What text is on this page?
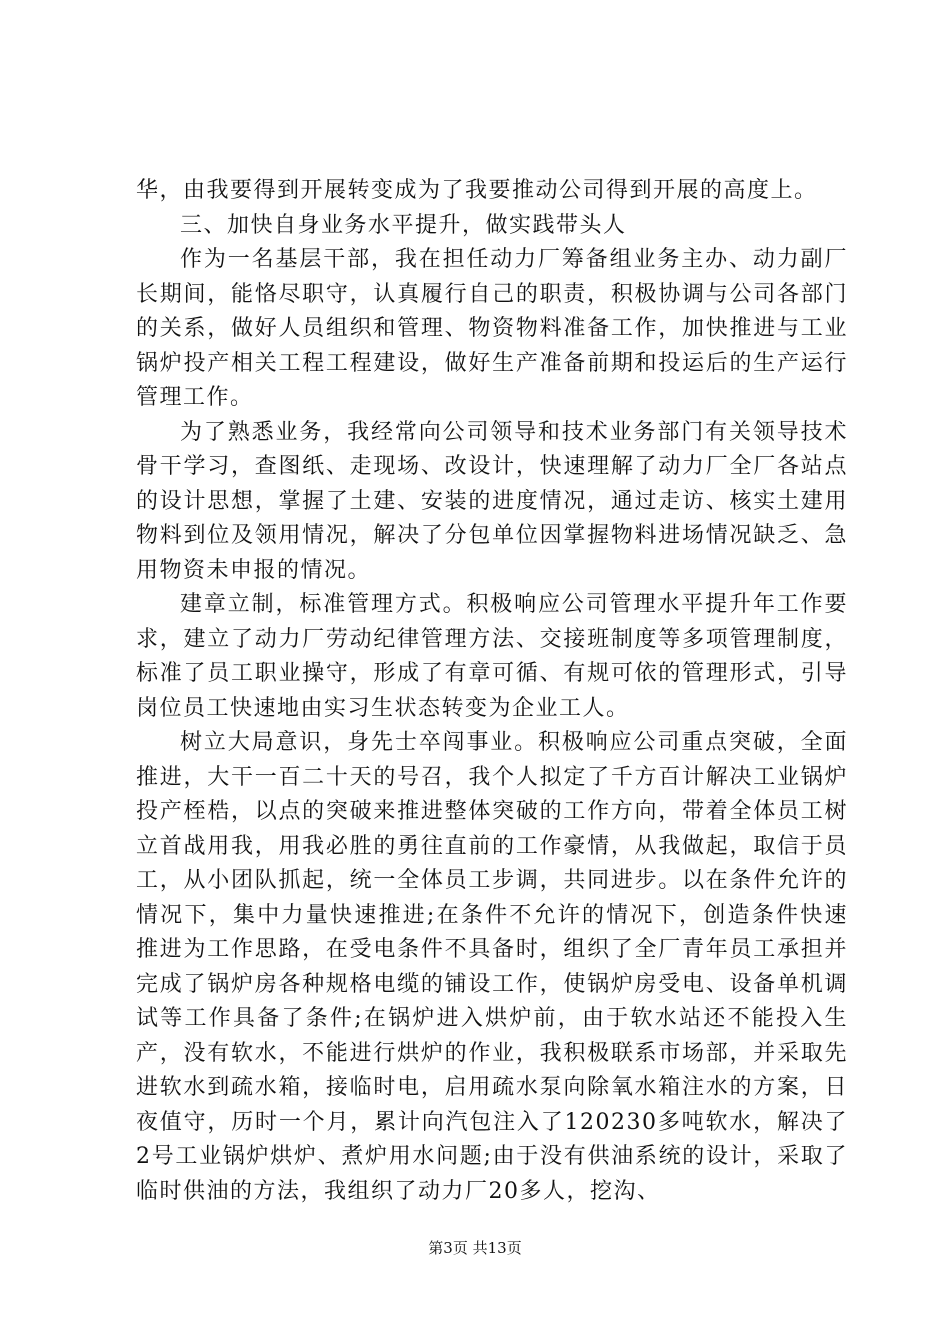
华，由我要得到开展转变成为了我要推动公司得到开展的高度上。

三、加快自身业务水平提升，做实践带头人

作为一名基层干部，我在担任动力厂筹备组业务主办、动力副厂长期间，能恪尽职守，认真履行自己的职责，积极协调与公司各部门的关系，做好人员组织和管理、物资物料准备工作，加快推进与工业锅炉投产相关工程工程建设，做好生产准备前期和投运后的生产运行管理工作。

为了熟悉业务，我经常向公司领导和技术业务部门有关领导技术骨干学习，查图纸、走现场、改设计，快速理解了动力厂全厂各站点的设计思想，掌握了土建、安装的进度情况，通过走访、核实土建用物料到位及领用情况，解决了分包单位因掌握物料进场情况缺乏、急用物资未申报的情况。

建章立制，标准管理方式。积极响应公司管理水平提升年工作要求，建立了动力厂劳动纪律管理方法、交接班制度等多项管理制度，标准了员工职业操守，形成了有章可循、有规可依的管理形式，引导岗位员工快速地由实习生状态转变为企业工人。

树立大局意识，身先士卒闯事业。积极响应公司重点突破，全面推进，大干一百二十天的号召，我个人拟定了千方百计解决工业锅炉投产桎梏，以点的突破来推进整体突破的工作方向，带着全体员工树立首战用我，用我必胜的勇往直前的工作豪情，从我做起，取信于员工，从小团队抓起，统一全体员工步调，共同进步。以在条件允许的情况下，集中力量快速推进;在条件不允许的情况下，创造条件快速推进为工作思路，在受电条件不具备时，组织了全厂青年员工承担并完成了锅炉房各种规格电缆的铺设工作，使锅炉房受电、设备单机调试等工作具备了条件;在锅炉进入烘炉前，由于软水站还不能投入生产，没有软水，不能进行烘炉的作业，我积极联系市场部，并采取先进软水到疏水箱，接临时电，启用疏水泵向除氧水箱注水的方案，日夜值守，历时一个月，累计向汽包注入了120230多吨软水，解决了2号工业锅炉烘炉、煮炉用水问题;由于没有供油系统的设计，采取了临时供油的方法，我组织了动力厂20多人，挖沟、

第3页 共13页
